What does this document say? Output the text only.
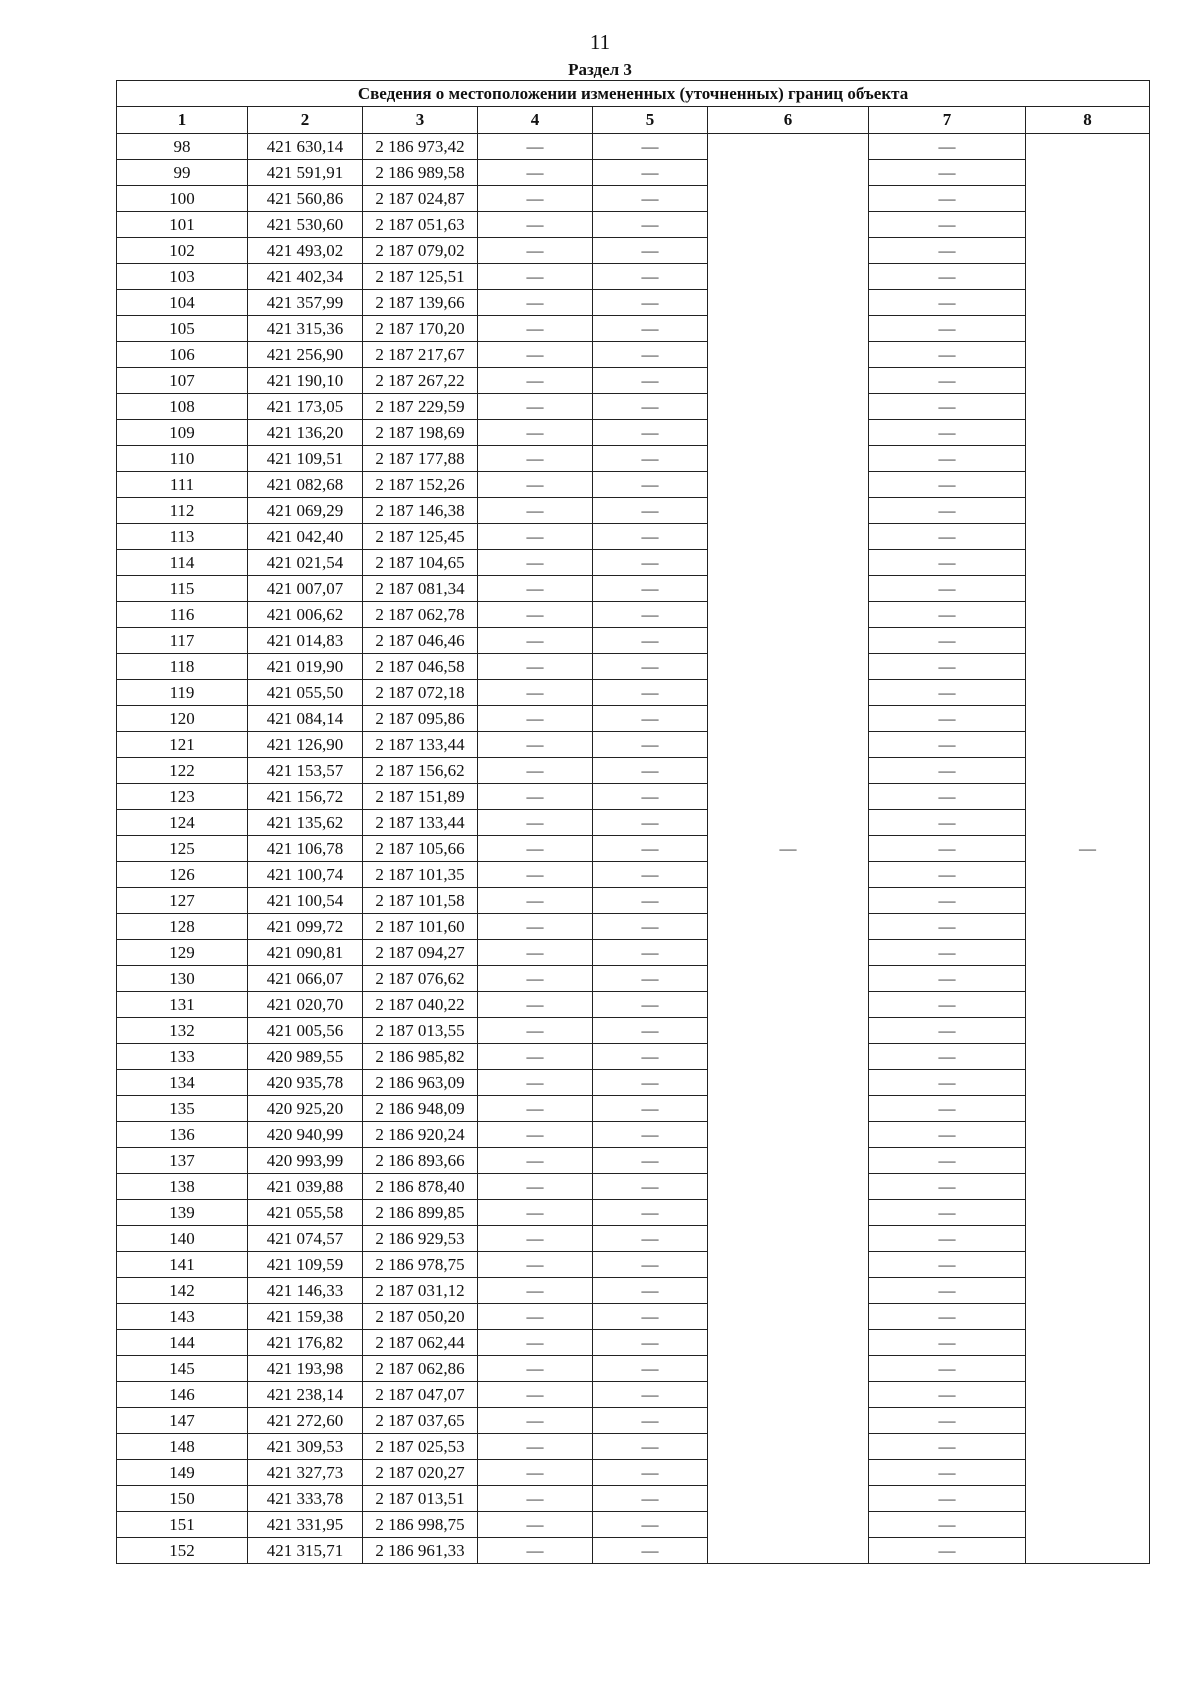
11
Раздел 3
Сведения о местоположении измененных (уточненных) границ объекта							
1	2	3	4	5	6	7	8
98	421 630,14	2 186 973,42	—	—	—	—	—
99	421 591,91	2 186 989,58	—	—		—	
100	421 560,86	2 187 024,87	—	—		—	
101	421 530,60	2 187 051,63	—	—		—	
102	421 493,02	2 187 079,02	—	—		—	
103	421 402,34	2 187 125,51	—	—		—	
104	421 357,99	2 187 139,66	—	—		—	
105	421 315,36	2 187 170,20	—	—		—	
106	421 256,90	2 187 217,67	—	—		—	
107	421 190,10	2 187 267,22	—	—		—	
108	421 173,05	2 187 229,59	—	—		—	
109	421 136,20	2 187 198,69	—	—		—	
110	421 109,51	2 187 177,88	—	—		—	
111	421 082,68	2 187 152,26	—	—		—	
112	421 069,29	2 187 146,38	—	—		—	
113	421 042,40	2 187 125,45	—	—		—	
114	421 021,54	2 187 104,65	—	—		—	
115	421 007,07	2 187 081,34	—	—		—	
116	421 006,62	2 187 062,78	—	—		—	
117	421 014,83	2 187 046,46	—	—		—	
118	421 019,90	2 187 046,58	—	—		—	
119	421 055,50	2 187 072,18	—	—		—	
120	421 084,14	2 187 095,86	—	—		—	
121	421 126,90	2 187 133,44	—	—		—	
122	421 153,57	2 187 156,62	—	—		—	
123	421 156,72	2 187 151,89	—	—		—	
124	421 135,62	2 187 133,44	—	—		—	
125	421 106,78	2 187 105,66	—	—		—	
126	421 100,74	2 187 101,35	—	—		—	
127	421 100,54	2 187 101,58	—	—		—	
128	421 099,72	2 187 101,60	—	—		—	
129	421 090,81	2 187 094,27	—	—		—	
130	421 066,07	2 187 076,62	—	—		—	
131	421 020,70	2 187 040,22	—	—		—	
132	421 005,56	2 187 013,55	—	—		—	
133	420 989,55	2 186 985,82	—	—		—	
134	420 935,78	2 186 963,09	—	—		—	
135	420 925,20	2 186 948,09	—	—		—	
136	420 940,99	2 186 920,24	—	—		—	
137	420 993,99	2 186 893,66	—	—		—	
138	421 039,88	2 186 878,40	—	—		—	
139	421 055,58	2 186 899,85	—	—		—	
140	421 074,57	2 186 929,53	—	—		—	
141	421 109,59	2 186 978,75	—	—		—	
142	421 146,33	2 187 031,12	—	—		—	
143	421 159,38	2 187 050,20	—	—		—	
144	421 176,82	2 187 062,44	—	—		—	
145	421 193,98	2 187 062,86	—	—		—	
146	421 238,14	2 187 047,07	—	—		—	
147	421 272,60	2 187 037,65	—	—		—	
148	421 309,53	2 187 025,53	—	—		—	
149	421 327,73	2 187 020,27	—	—		—	
150	421 333,78	2 187 013,51	—	—		—	
151	421 331,95	2 186 998,75	—	—		—	
152	421 315,71	2 186 961,33	—	—		—	
